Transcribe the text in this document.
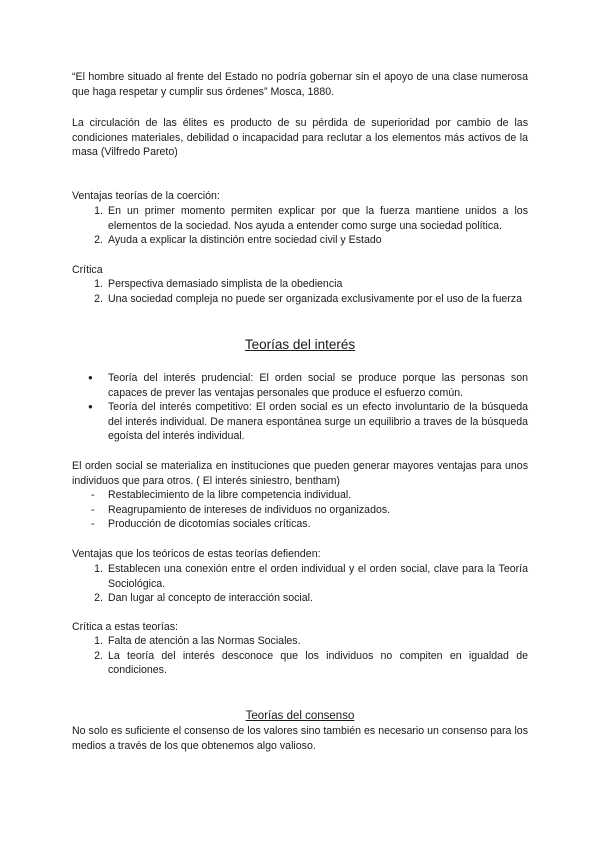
“El hombre situado al frente del Estado no podría gobernar sin el apoyo de una clase numerosa que haga respetar y cumplir sus órdenes” Mosca, 1880.

La circulación de las élites es producto de su pérdida de superioridad por cambio de las condiciones materiales, debilidad o incapacidad para reclutar a los elementos más activos de la masa (Vilfredo Pareto)

Ventajas teorías de la coerción:

1. En un primer momento permiten explicar por que la fuerza mantiene unidos a los elementos de la sociedad. Nos ayuda a entender como surge una sociedad política.
2. Ayuda a explicar la distinción entre sociedad civil y Estado

Crítica

1. Perspectiva demasiado simplista de la obediencia
2. Una sociedad compleja no puede ser organizada exclusivamente por el uso de la fuerza
Teorías del interés
● Teoría del interés prudencial: El orden social se produce porque las personas son capaces de prever las ventajas personales que produce el esfuerzo común.
● Teoría del interés competitivo: El orden social es un efecto involuntario de la búsqueda del interés individual. De manera espontánea surge un equilibrio a traves de la búsqueda egoísta del interés individual.

El orden social se materializa en instituciones que pueden generar mayores ventajas para unos individuos que para otros. ( El interés siniestro, bentham)

- Restablecimiento de la libre competencia individual.
- Reagrupamiento de intereses de individuos no organizados.
- Producción de dicotomías sociales críticas.

Ventajas que los teóricos de estas teorías defienden:

1. Establecen una conexión entre el orden individual y el orden social, clave para la Teoría Sociológica.
2. Dan lugar al concepto de interacción social.

Crítica a estas teorías:

1. Falta de atención a las Normas Sociales.
2. La teoría del interés desconoce que los individuos no compiten en igualdad de condiciones.
Teorías del consenso

No solo es suficiente el consenso de los valores sino también es necesario un consenso para los medios a través de los que obtenemos algo valioso.
